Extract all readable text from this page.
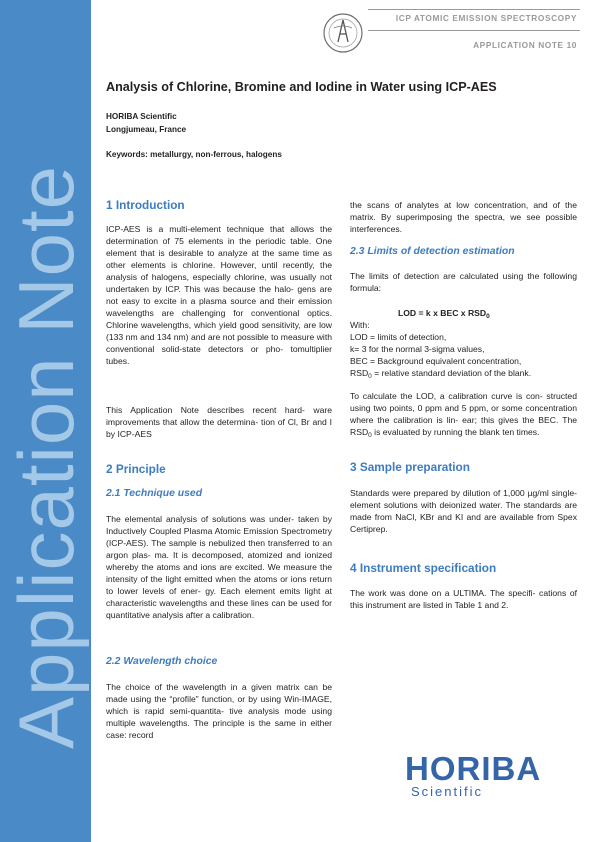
Application Note
ICP ATOMIC EMISSION SPECTROSCOPY
APPLICATION NOTE 10
Analysis of Chlorine, Bromine and Iodine in Water using ICP-AES
HORIBA Scientific
Longjumeau, France
Keywords: metallurgy, non-ferrous, halogens
1 Introduction
ICP-AES is a multi-element technique that allows the determination of 75 elements in the periodic table. One element that is desirable to analyze at the same time as other elements is chlorine. However, until recently, the analysis of halogens, especially chlorine, was usually not undertaken by ICP. This was because the halo- gens are not easy to excite in a plasma source and their emission wavelengths are challenging for conventional optics. Chlorine wavelengths, which yield good sensitivity, are low (133 nm and 134 nm) and are not possible to measure with conventional solid-state detectors or pho- tomultiplier tubes.
This Application Note describes recent hard- ware improvements that allow the determina- tion of Cl, Br and I by ICP-AES
2 Principle
2.1 Technique used
The elemental analysis of solutions was under- taken by Inductively Coupled Plasma Atomic Emission Spectrometry (ICP-AES). The sample is nebulized then transferred to an argon plas- ma. It is decomposed, atomized and ionized whereby the atoms and ions are excited. We measure the intensity of the light emitted when the atoms or ions return to lower levels of ener- gy. Each element emits light at characteristic wavelengths and these lines can be used for quantitative analysis after a calibration.
2.2 Wavelength choice
The choice of the wavelength in a given matrix can be made using the “profile” function, or by using Win-IMAGE, which is rapid semi-quantita- tive analysis mode using multiple wavelengths. The principle is the same in either case: record
the scans of analytes at low concentration, and of the matrix. By superimposing the spectra, we see possible interferences.
2.3 Limits of detection estimation
The limits of detection are calculated using the following formula:
LOD = k x BEC x $RSD_0$
With:
LOD = limits of detection,
k= 3 for the normal 3-sigma values,
BEC = Background equivalent concentration,
$RSD_0$ = relative standard deviation of the blank.
To calculate the LOD, a calibration curve is con- structed using two points, 0 ppm and 5 ppm, or some concentration where the calibration is lin- ear; this gives the BEC. The $RSD_0$ is evaluated by running the blank ten times.
3 Sample preparation
Standards were prepared by dilution of 1,000 µg/ml single-element solutions with deionized water. The standards are made from NaCl, KBr and KI and are available from Spex Certiprep.
4 Instrument specification
The work was done on a ULTIMA. The specifi- cations of this instrument are listed in Table 1 and 2.
HORIBA
Scientific
